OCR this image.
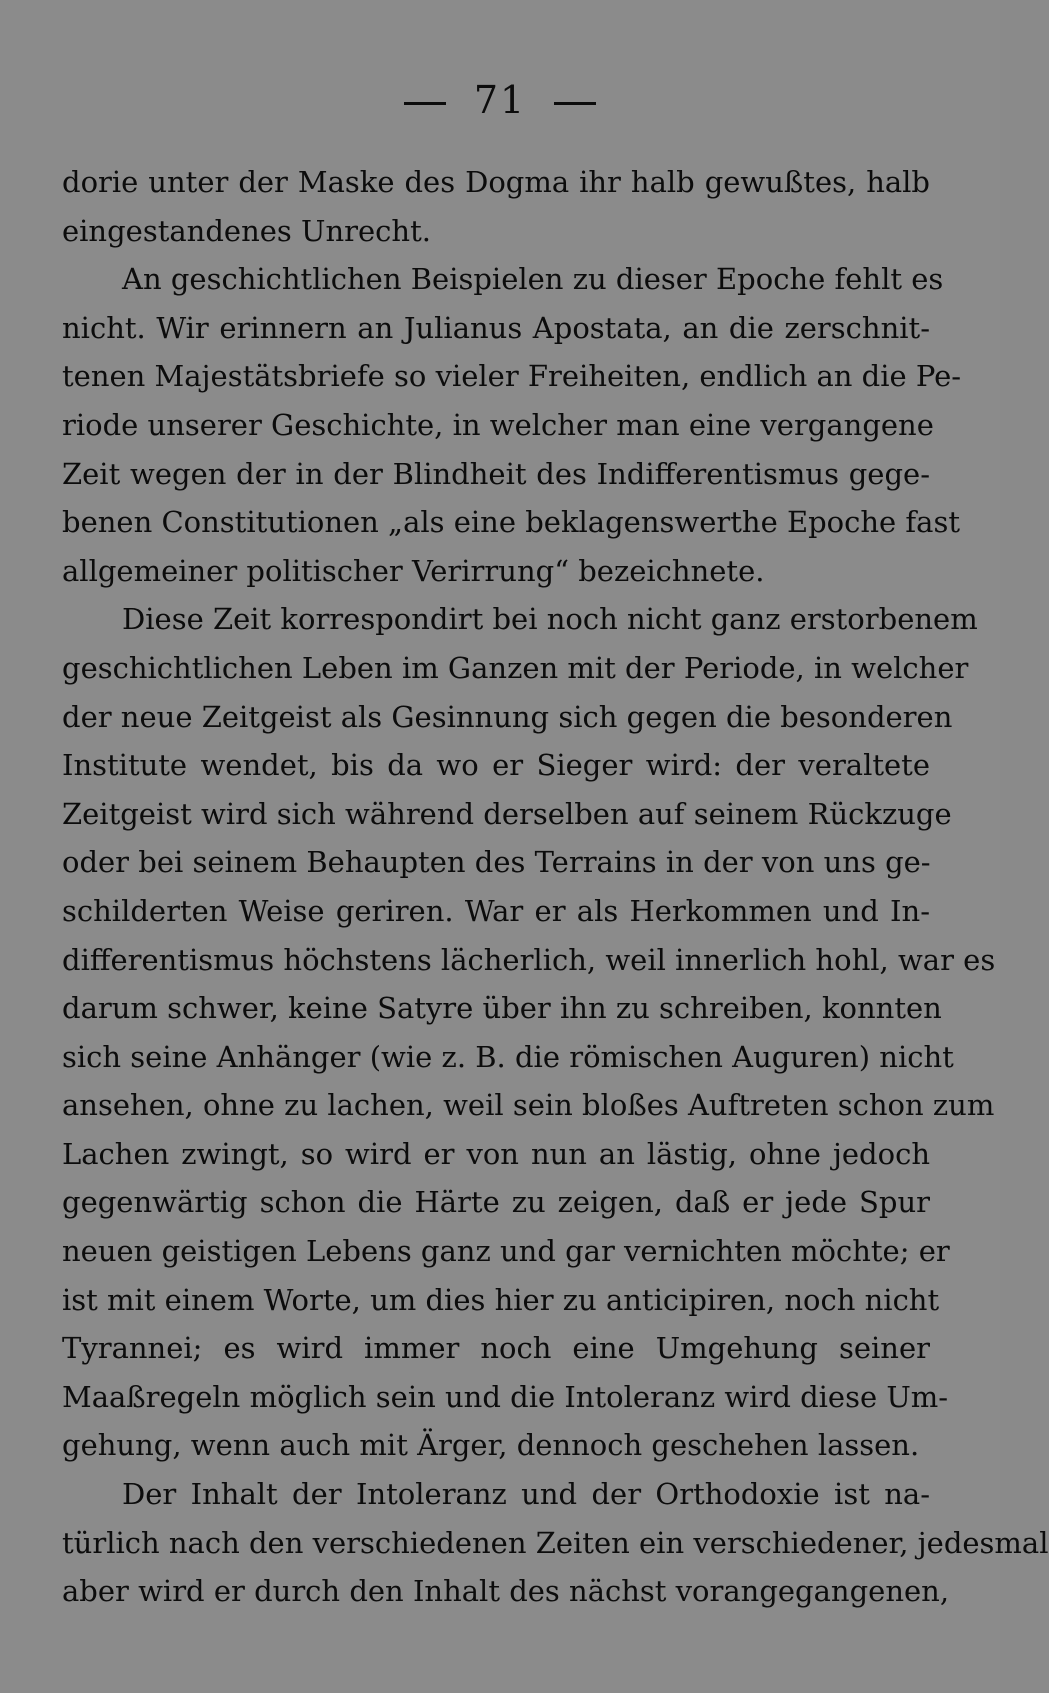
71
dorie unter der Maske des Dogma ihr halb gewußtes, halb
eingestandenes Unrecht.
An geschichtlichen Beispielen zu dieser Epoche fehlt es
nicht. Wir erinnern an Julianus Apostata, an die zerschnit-
tenen Majestätsbriefe so vieler Freiheiten, endlich an die Pe-
riode unserer Geschichte, in welcher man eine vergangene
Zeit wegen der in der Blindheit des Indifferentismus gege-
benen Constitutionen „als eine beklagenswerthe Epoche fast
allgemeiner politischer Verirrung“ bezeichnete.
Diese Zeit korrespondirt bei noch nicht ganz erstorbenem
geschichtlichen Leben im Ganzen mit der Periode, in welcher
der neue Zeitgeist als Gesinnung sich gegen die besonderen
Institute wendet, bis da wo er Sieger wird: der veraltete
Zeitgeist wird sich während derselben auf seinem Rückzuge
oder bei seinem Behaupten des Terrains in der von uns ge-
schilderten Weise geriren. War er als Herkommen und In-
differentismus höchstens lächerlich, weil innerlich hohl, war es
darum schwer, keine Satyre über ihn zu schreiben, konnten
sich seine Anhänger (wie z. B. die römischen Auguren) nicht
ansehen, ohne zu lachen, weil sein bloßes Auftreten schon zum
Lachen zwingt, so wird er von nun an lästig, ohne jedoch
gegenwärtig schon die Härte zu zeigen, daß er jede Spur
neuen geistigen Lebens ganz und gar vernichten möchte; er
ist mit einem Worte, um dies hier zu anticipiren, noch nicht
Tyrannei; es wird immer noch eine Umgehung seiner
Maaßregeln möglich sein und die Intoleranz wird diese Um-
gehung, wenn auch mit Ärger, dennoch geschehen lassen.
Der Inhalt der Intoleranz und der Orthodoxie ist na-
türlich nach den verschiedenen Zeiten ein verschiedener, jedesmal
aber wird er durch den Inhalt des nächst vorangegangenen,
